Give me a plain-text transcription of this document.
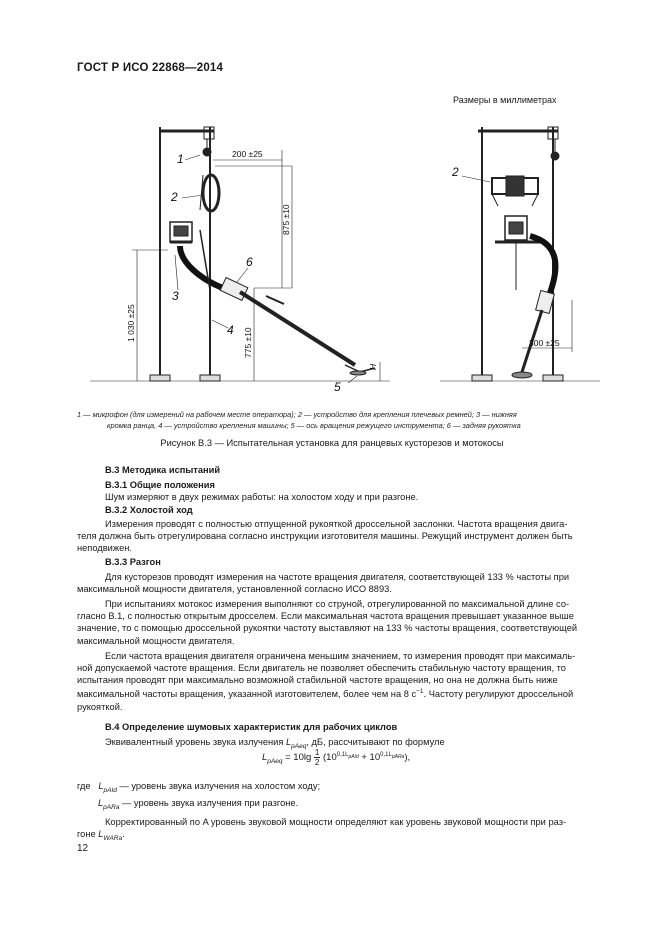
ГОСТ Р ИСО 22868—2014
Размеры в миллиметрах
1
2
3
4
5
6
2
200 ±25
875 ±10
1 030 ±25
775 ±10	300 ±25
H
1 — микрофон (для измерений на рабочем месте оператора); 2 — устройство для крепления плечевых ремней; 3 — нижняя
кромка ранца, 4 — устройство крепления машины; 5 — ось вращения режущего инструмента; 6 — задняя рукоятка
Рисунок В.3 — Испытательная установка для ранцевых кусторезов и мотокосы

В.3 Методика испытаний

В.3.1 Общие положения

Шум измеряют в двух режимах работы: на холостом ходу и при разгоне.

В.3.2 Холостой ход

Измерения проводят с полностью отпущенной рукояткой дроссельной заслонки. Частота вращения двига-

теля должна быть отрегулирована согласно инструкции изготовителя машины. Режущий инструмент должен быть

неподвижен.

В.3.3 Разгон

Для кусторезов проводят измерения на частоте вращения двигателя, соответствующей 133 % частоты при

максимальной мощности двигателя, установленной согласно ИСО 8893.

При испытаниях мотокос измерения выполняют со струной, отрегулированной по максимальной длине со-

гласно В.1, с полностью открытым дросселем. Если максимальная частота вращения превышает указанное выше

значение, то с помощью дроссельной рукоятки частоту выставляют на 133 % частоты вращения, соответствующей

максимальной мощности двигателя.

Если частота вращения двигателя ограничена меньшим значением, то измерения проводят при максималь-

ной допускаемой частоте вращения. Если двигатель не позволяет обеспечить стабильную частоту вращения, то

испытания проводят при максимально возможной стабильной частоте вращения, но она не должна быть ниже

максимальной частоты вращения, указанной изготовителем, более чем на 8 $с^{-1}$. Частоту регулируют дроссельной

рукояткой.

В.4 Определение шумовых характеристик для рабочих циклов

Эквивалентный уровень звука излучения $L_{pAeq}$, дБ, рассчитывают по формуле

$L_{pAeq} = 10\lg \frac{1}{2} (10^{0,1L_{pAId}} + 10^{0,1L_{pARa}})$,

где $L_{pAId}$ — уровень звука излучения на холостом ходу;

$L_{pARa}$ — уровень звука излучения при разгоне.

Корректированный по A уровень звуковой мощности определяют как уровень звуковой мощности при раз-

гоне $L_{WARa}$.

12
